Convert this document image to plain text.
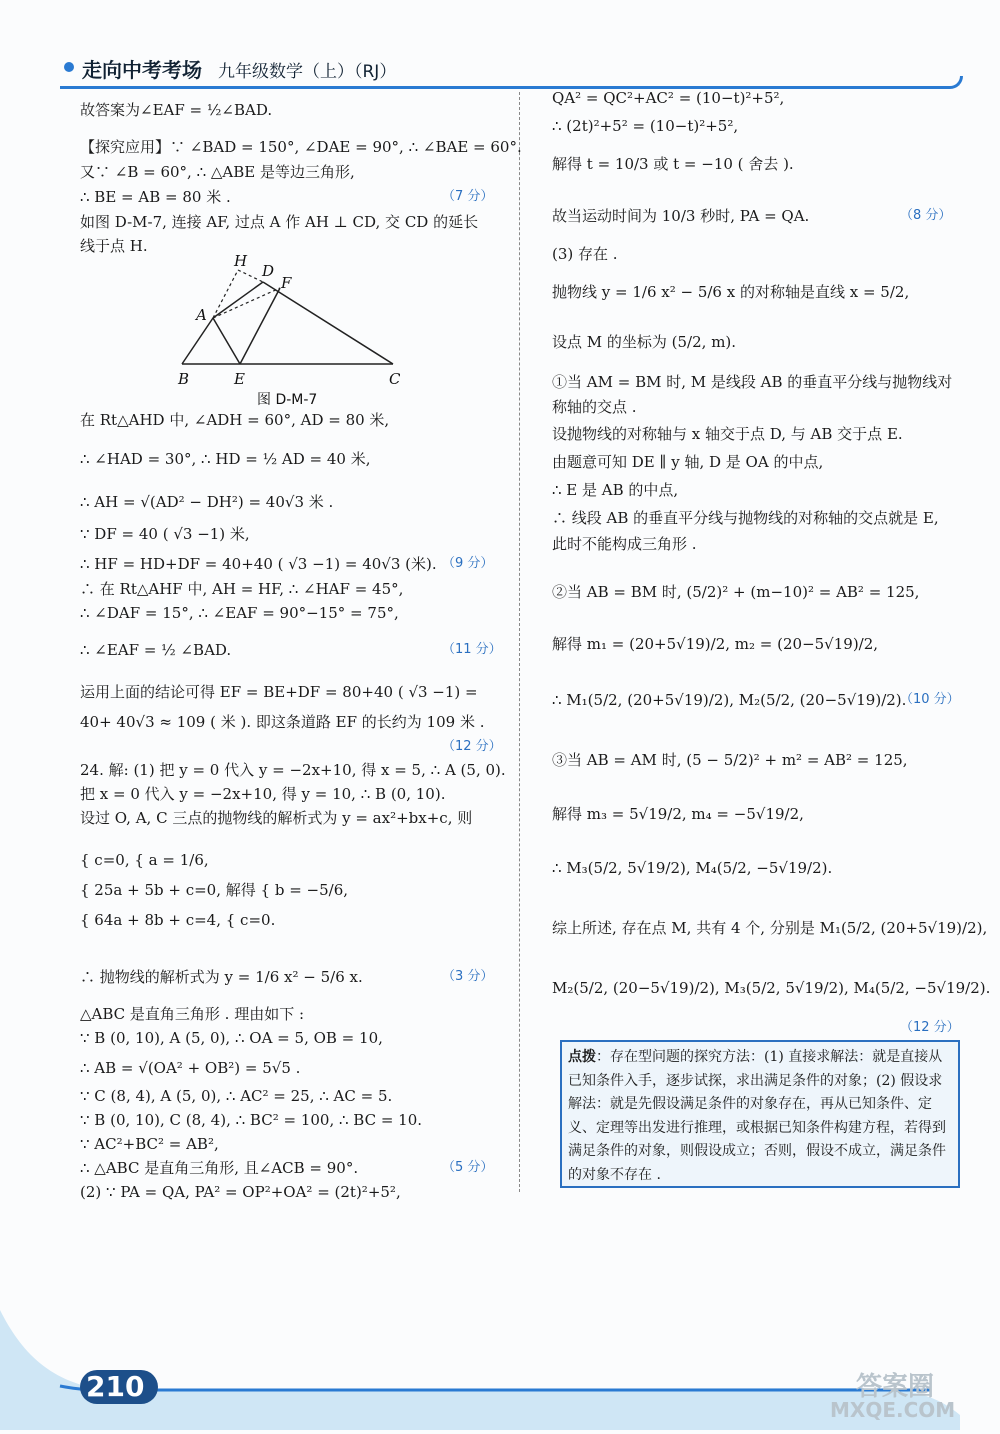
走向中考考场 九年级数学（上）（RJ）
故答案为∠EAF = ½∠BAD.
【探究应用】∵ ∠BAD = 150°, ∠DAE = 90°, ∴ ∠BAE = 60°.
又∵ ∠B = 60°, ∴ △ABE 是等边三角形,
∴ BE = AB = 80 米 .	（7 分）
如图 D-M-7, 连接 AF, 过点 A 作 AH ⊥ CD, 交 CD 的延长
线于点 H.
在 Rt△AHD 中, ∠ADH = 60°, AD = 80 米,
∴ ∠HAD = 30°, ∴ HD = ½ AD = 40 米,
∴ AH = √(AD² − DH²) = 40√3 米 .
∵ DF = 40 ( √3 −1) 米,
∴ HF = HD+DF = 40+40 ( √3 −1) = 40√3 (米). （9 分）
∴ 在 Rt△AHF 中, AH = HF, ∴ ∠HAF = 45°,
∴ ∠DAF = 15°, ∴ ∠EAF = 90°−15° = 75°,
∴ ∠EAF = ½ ∠BAD.	（11 分）
运用上面的结论可得 EF = BE+DF = 80+40 ( √3 −1) =
40+ 40√3 ≈ 109 ( 米 ). 即这条道路 EF 的长约为 109 米 .
（12 分）
24. 解: (1) 把 y = 0 代入 y = −2x+10, 得 x = 5, ∴ A (5, 0).
把 x = 0 代入 y = −2x+10, 得 y = 10, ∴ B (0, 10).
设过 O, A, C 三点的抛物线的解析式为 y = ax²+bx+c, 则
{ c=0, { a = 1/6,
{ 25a + 5b + c=0, 解得 { b = −5/6,
{ 64a + 8b + c=4, { c=0.
∴ 抛物线的解析式为 y = 1/6 x² − 5/6 x.	（3 分）
△ABC 是直角三角形 . 理由如下 :
∵ B (0, 10), A (5, 0), ∴ OA = 5, OB = 10,
∴ AB = √(OA² + OB²) = 5√5 .
∵ C (8, 4), A (5, 0), ∴ AC² = 25, ∴ AC = 5.
∵ B (0, 10), C (8, 4), ∴ BC² = 100, ∴ BC = 10.
∵ AC²+BC² = AB²,
∴ △ABC 是直角三角形, 且∠ACB = 90°.	（5 分）
(2) ∵ PA = QA, PA² = OP²+OA² = (2t)²+5²,
H
D
F
A
B	E	C
图 D-M-7
QA² = QC²+AC² = (10−t)²+5²,
∴ (2t)²+5² = (10−t)²+5²,
解得 t = 10/3 或 t = −10 ( 舍去 ).
故当运动时间为 10/3 秒时, PA = QA.	（8 分）
(3) 存在 .
抛物线 y = 1/6 x² − 5/6 x 的对称轴是直线 x = 5/2,
设点 M 的坐标为 (5/2, m).
①当 AM = BM 时, M 是线段 AB 的垂直平分线与抛物线对
称轴的交点 .
设抛物线的对称轴与 x 轴交于点 D, 与 AB 交于点 E.
由题意可知 DE ∥ y 轴, D 是 OA 的中点,
∴ E 是 AB 的中点,
∴ 线段 AB 的垂直平分线与抛物线的对称轴的交点就是 E,
此时不能构成三角形 .
②当 AB = BM 时, (5/2)² + (m−10)² = AB² = 125,
解得 m₁ = (20+5√19)/2, m₂ = (20−5√19)/2,
∴ M₁(5/2, (20+5√19)/2), M₂(5/2, (20−5√19)/2).
（10 分）
③当 AB = AM 时, (5 − 5/2)² + m² = AB² = 125,
解得 m₃ = 5√19/2, m₄ = −5√19/2,
∴ M₃(5/2, 5√19/2), M₄(5/2, −5√19/2).
综上所述, 存在点 M, 共有 4 个, 分别是 M₁(5/2, (20+5√19)/2),
M₂(5/2, (20−5√19)/2), M₃(5/2, 5√19/2), M₄(5/2, −5√19/2).
（12 分）
点拨：存在型问题的探究方法：(1) 直接求解法：就是直接从已知条件入手，逐步试探，求出满足条件的对象；(2) 假设求解法：就是先假设满足条件的对象存在，再从已知条件、定义、定理等出发进行推理，或根据已知条件构建方程，若得到满足条件的对象，则假设成立；否则，假设不成立，满足条件的对象不存在 .
210	答案圈
MXQE.COM
